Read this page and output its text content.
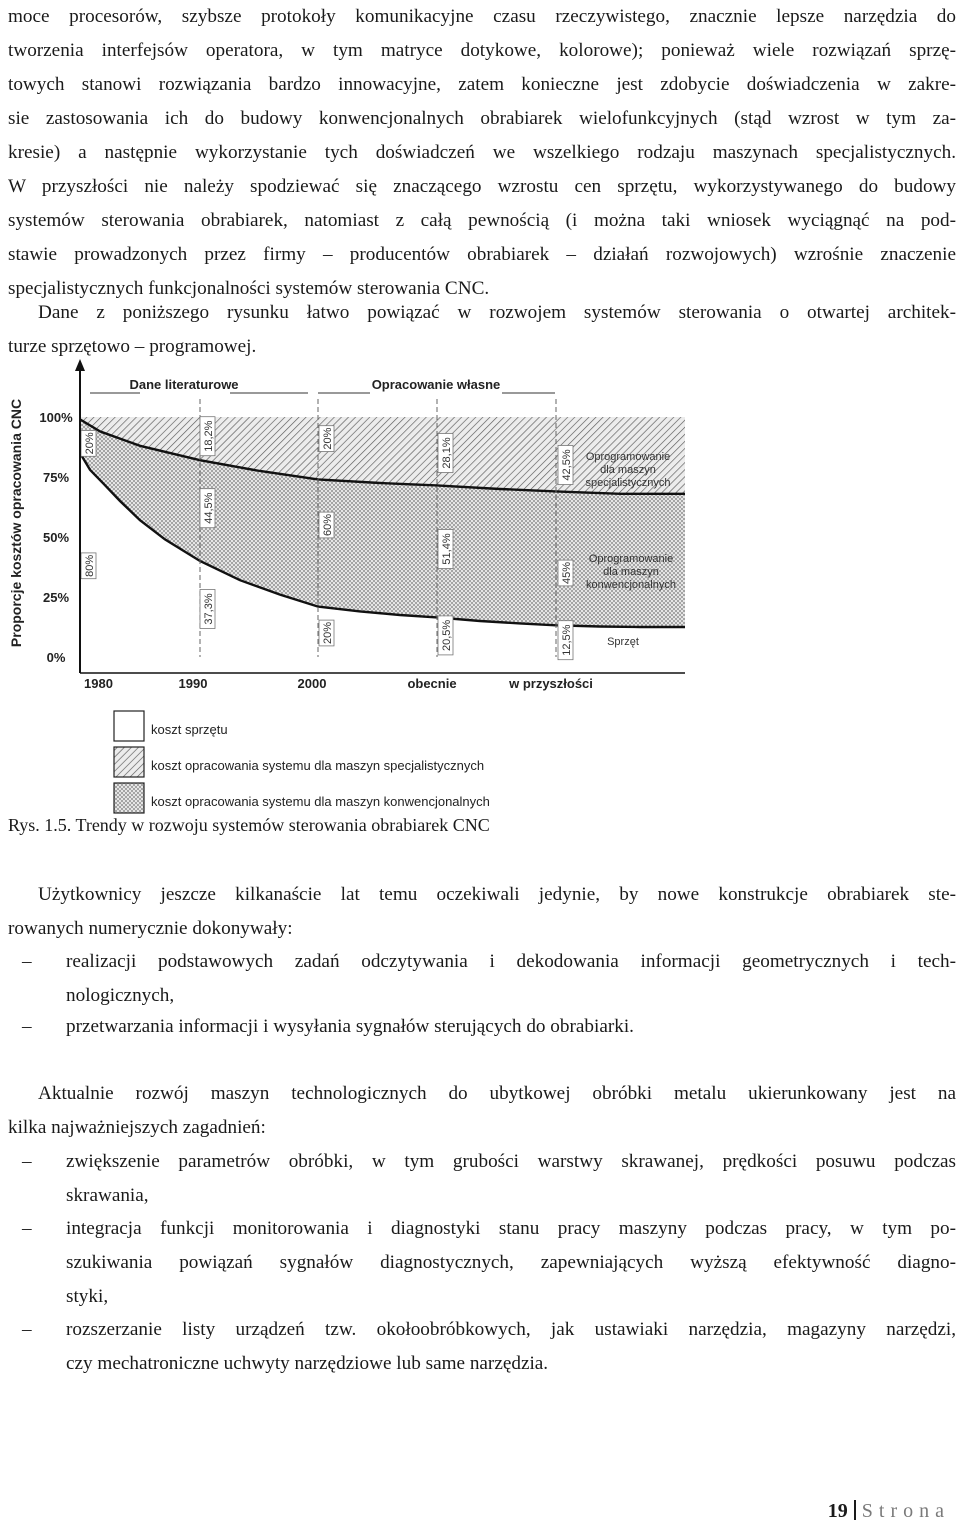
moce procesorów, szybsze protokoły komunikacyjne czasu rzeczywistego, znacznie lepsze narzędzia do
tworzenia interfejsów operatora, w tym matryce dotykowe, kolorowe); ponieważ wiele rozwiązań sprzę-
towych stanowi rozwiązania bardzo innowacyjne, zatem konieczne jest zdobycie doświadczenia w zakre-
sie zastosowania ich do budowy konwencjonalnych obrabiarek wielofunkcyjnych (stąd wzrost w tym za-
kresie) a następnie wykorzystanie tych doświadczeń we wszelkiego rodzaju maszynach specjalistycznych.
W przyszłości nie należy spodziewać się znaczącego wzrostu cen sprzętu, wykorzystywanego do budowy
systemów sterowania obrabiarek, natomiast z całą pewnością (i można taki wniosek wyciągnąć na pod-
stawie prowadzonych przez firmy – producentów obrabiarek – działań rozwojowych) wzrośnie znaczenie
specjalistycznych funkcjonalności systemów sterowania CNC.
Dane z poniższego rysunku łatwo powiązać w rozwojem systemów sterowania o otwartej architek-
turze sprzętowo – programowej.
20%
80%
18,2%
44,5%
37,3%
20%
60%
20%
28,1%
51,4%
20,5%
42,5%
45%
12,5%
Dane literaturowe	Opracowanie własne
Proporcje kosztów opracowania CNC 100%
75%
50%
25%
0%
1980	1990	2000	obecnie	w przyszłości
Oprogramowanie
dla maszyn
specjalistycznych
Oprogramowanie
dla maszyn
konwencjonalnych
Sprzęt
koszt sprzętu
koszt opracowania systemu dla maszyn specjalistycznych
koszt opracowania systemu dla maszyn konwencjonalnych
Rys. 1.5. Trendy w rozwoju systemów sterowania obrabiarek CNC
Użytkownicy jeszcze kilkanaście lat temu oczekiwali jedynie, by nowe konstrukcje obrabiarek ste-
rowanych numerycznie dokonywały:
– realizacji podstawowych zadań odczytywania i dekodowania informacji geometrycznych i tech-
nologicznych,
– przetwarzania informacji i wysyłania sygnałów sterujących do obrabiarki.
Aktualnie rozwój maszyn technologicznych do ubytkowej obróbki metalu ukierunkowany jest na
kilka najważniejszych zagadnień:
– zwiększenie parametrów obróbki, w tym grubości warstwy skrawanej, prędkości posuwu podczas
skrawania,
– integracja funkcji monitorowania i diagnostyki stanu pracy maszyny podczas pracy, w tym po-
szukiwania powiązań sygnałów diagnostycznych, zapewniających wyższą efektywność diagno-
styki,
– rozszerzanie listy urządzeń tzw. okołoobróbkowych, jak ustawiaki narzędzia, magazyny narzędzi,
czy mechatroniczne uchwyty narzędziowe lub same narzędzia.
19 Strona
